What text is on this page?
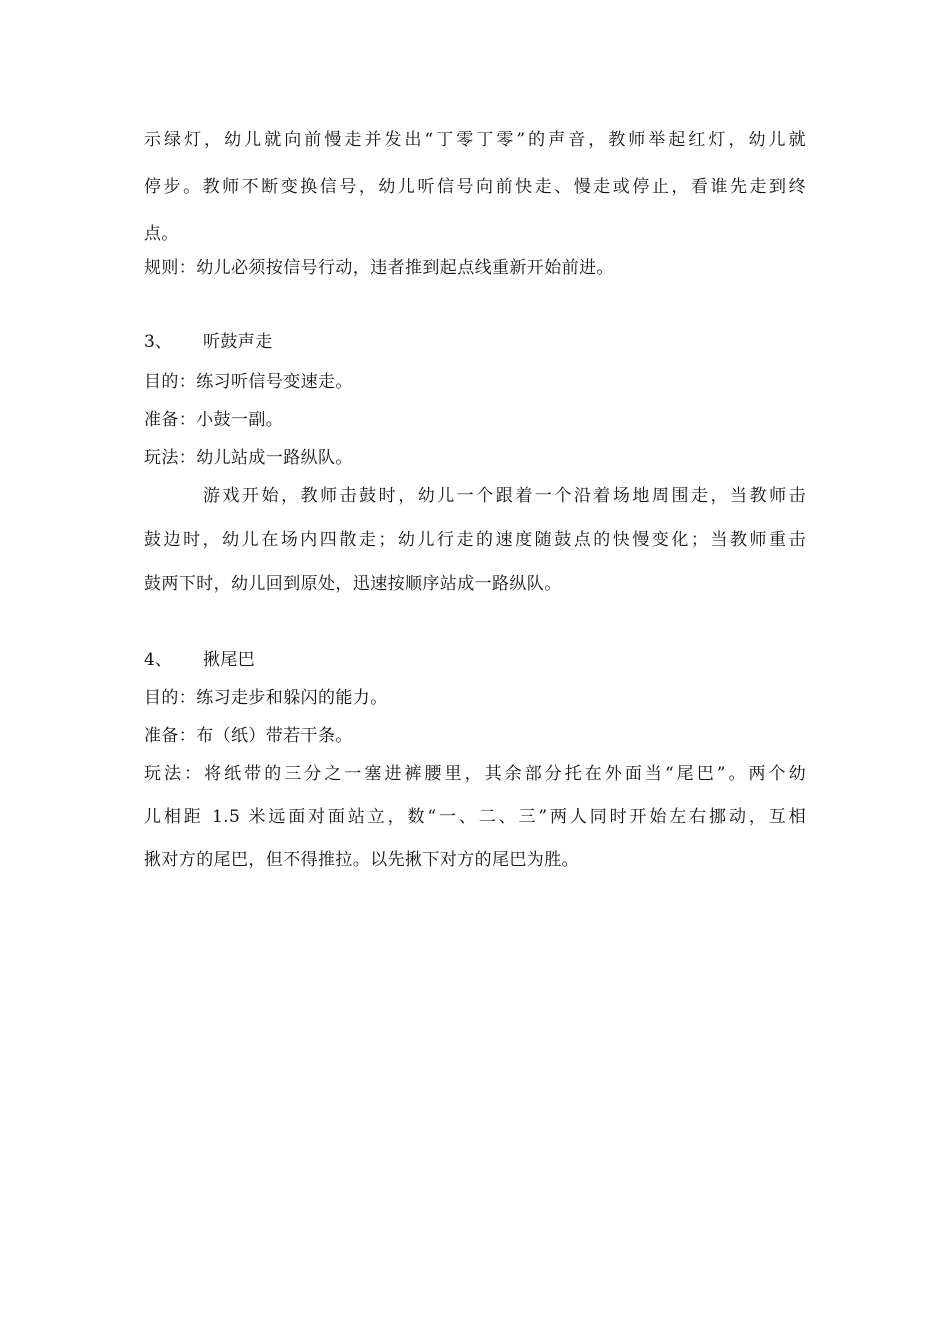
示绿灯，幼儿就向前慢走并发出“丁零丁零”的声音，教师举起红灯，幼儿就
停步。教师不断变换信号，幼儿听信号向前快走、慢走或停止，看谁先走到终
点。
规则：幼儿必须按信号行动，违者推到起点线重新开始前进。
3、 听鼓声走
目的：练习听信号变速走。
准备：小鼓一副。
玩法：幼儿站成一路纵队。
游戏开始，教师击鼓时，幼儿一个跟着一个沿着场地周围走，当教师击
鼓边时，幼儿在场内四散走；幼儿行走的速度随鼓点的快慢变化；当教师重击
鼓两下时，幼儿回到原处，迅速按顺序站成一路纵队。
4、 揪尾巴
目的：练习走步和躲闪的能力。
准备：布（纸）带若干条。
玩法：将纸带的三分之一塞进裤腰里，其余部分托在外面当“尾巴”。两个幼
儿相距 1.5 米远面对面站立，数“一、二、三”两人同时开始左右挪动，互相
揪对方的尾巴，但不得推拉。以先揪下对方的尾巴为胜。
